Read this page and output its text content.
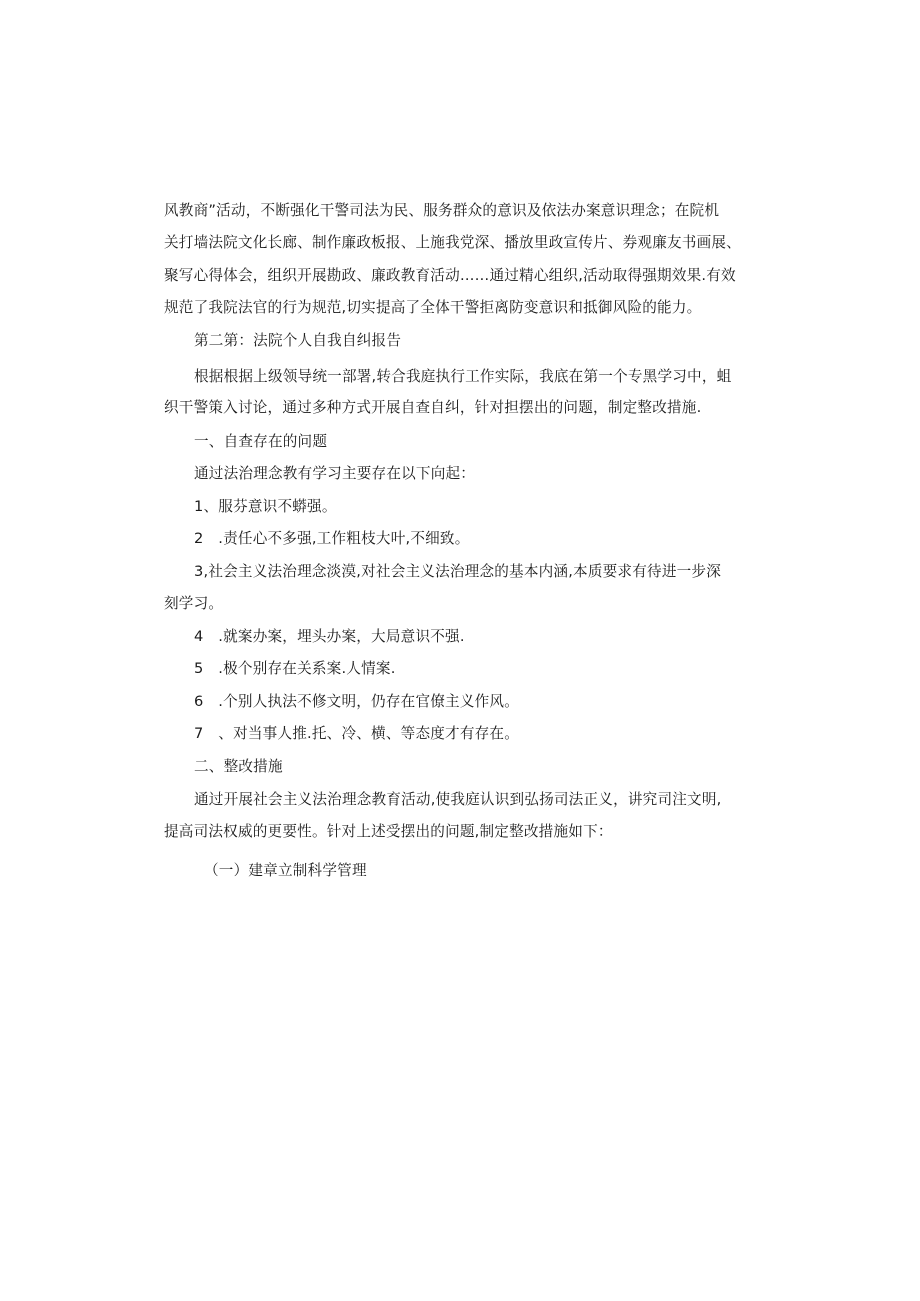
风教商”活动，不断强化干警司法为民、服务群众的意识及依法办案意识理念；在院机
关打墙法院文化长廊、制作廉政板报、上施我党深、播放里政宣传片、券观廉友书画展、
聚写心得体会，组织开展勘政、廉政教育活动……通过精心组织,活动取得强期效果.有效
规范了我院法官的行为规范,切实提高了全体干警拒离防变意识和抵御风险的能力。
第二第：法院个人自我自纠报告
根据根据上级领导统一部署,转合我庭执行工作实际，我底在第一个专黑学习中，蛆
织干警策入讨论，通过多种方式开展自查自纠，针对担摆出的问题，制定整改措施.
一、自查存在的问题
通过法治理念教有学习主要存在以下向起：
1、服芬意识不蟒强。
2　.责任心不多强,工作粗枝大叶,不细致。
3,社会主义法治理念淡漠,对社会主义法治理念的基本内涵,本质要求有待进一步深
刻学习。
4　.就案办案，埋头办案，大局意识不强.
5　.极个别存在关系案.人情案.
6　.个别人执法不修文明，仍存在官僚主义作风。
7　、对当事人推.托、冷、横、等态度才有存在。
二、整改措施
通过开展社会主义法治理念教育活动,使我庭认识到弘扬司法正义，讲究司注文明,
提高司法权威的更要性。针对上述受摆出的问题,制定整改措施如下：
（一）建章立制科学管理
